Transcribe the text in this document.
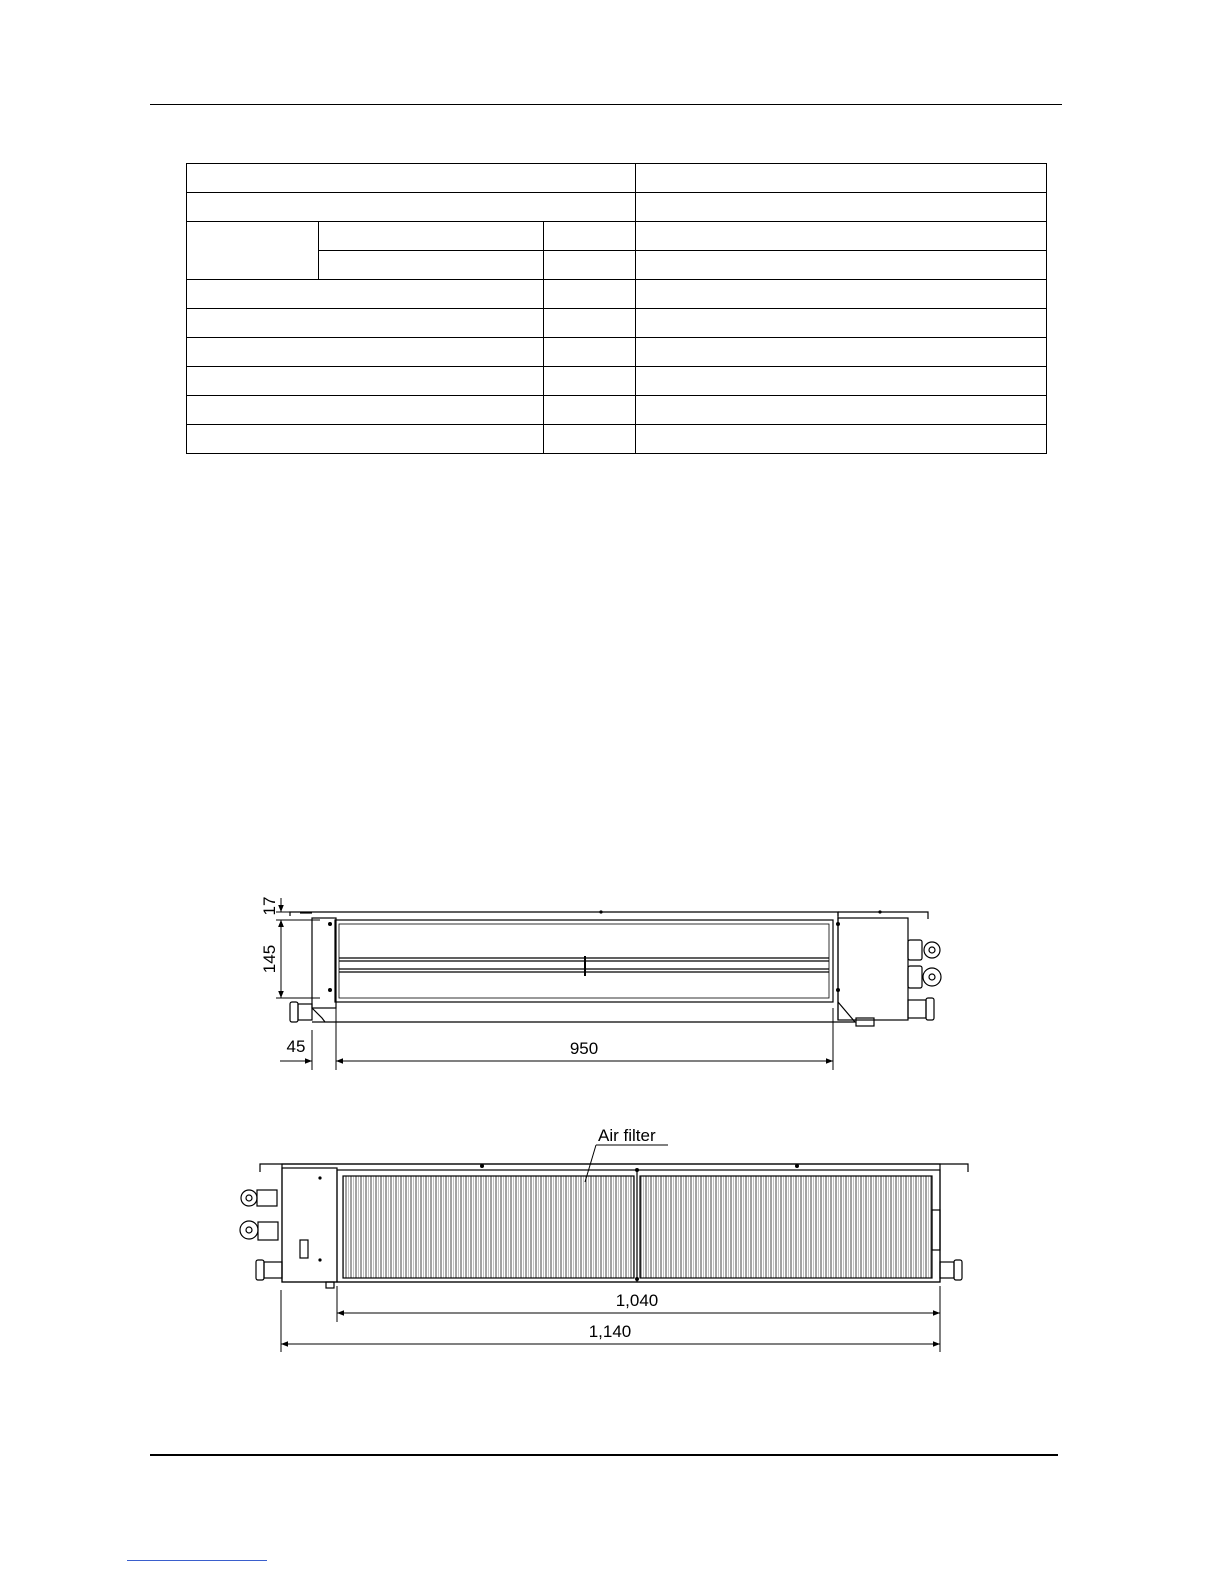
17
145
45	950
Air filter
1,040
1,140
